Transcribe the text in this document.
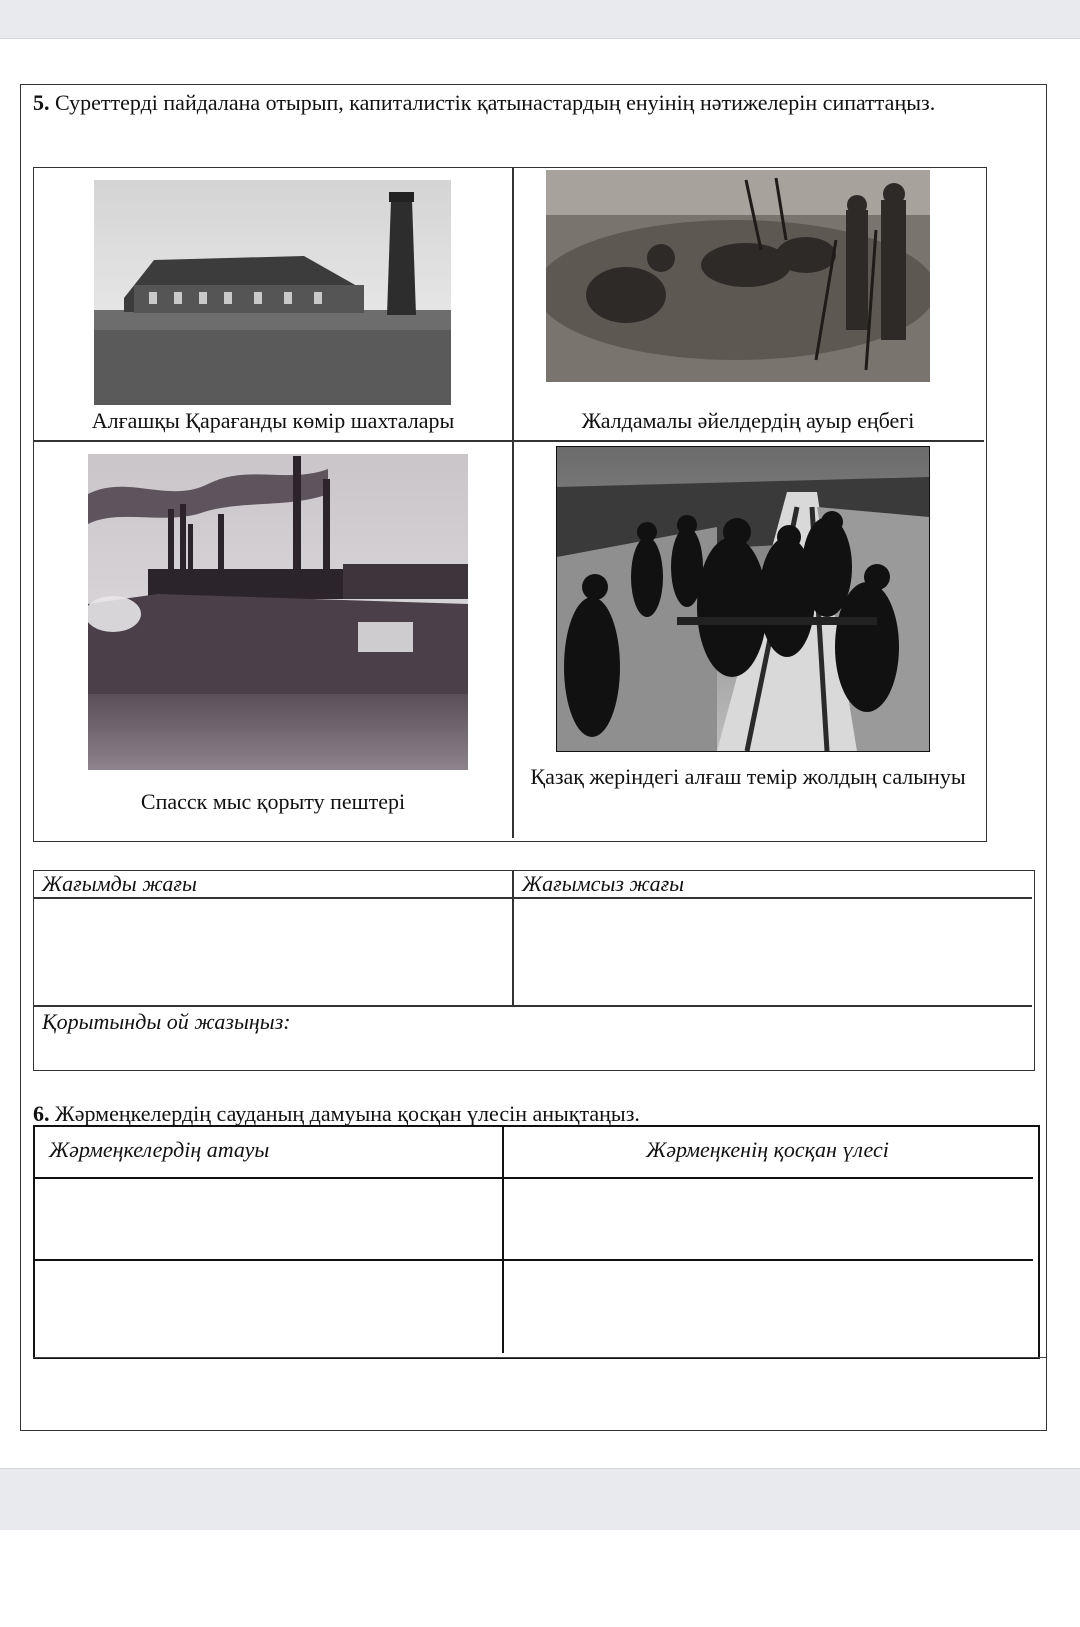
5. Суреттерді пайдалана отырып, капиталистік қатынастардың енуінің нәтижелерін сипаттаңыз.
Алғашқы Қарағанды көмір шахталары	Жалдамалы әйелдердің ауыр еңбегі
Спасск мыс қорыту пештері
Қазақ жеріндегі алғаш темір жолдың салынуы
Жағымды жағы	Жағымсыз жағы
Қорытынды ой жазыңыз:
6. Жәрмеңкелердің сауданың дамуына қосқан үлесін анықтаңыз.
Жәрмеңкелердің атауы	Жәрмеңкенің қосқан үлесі
